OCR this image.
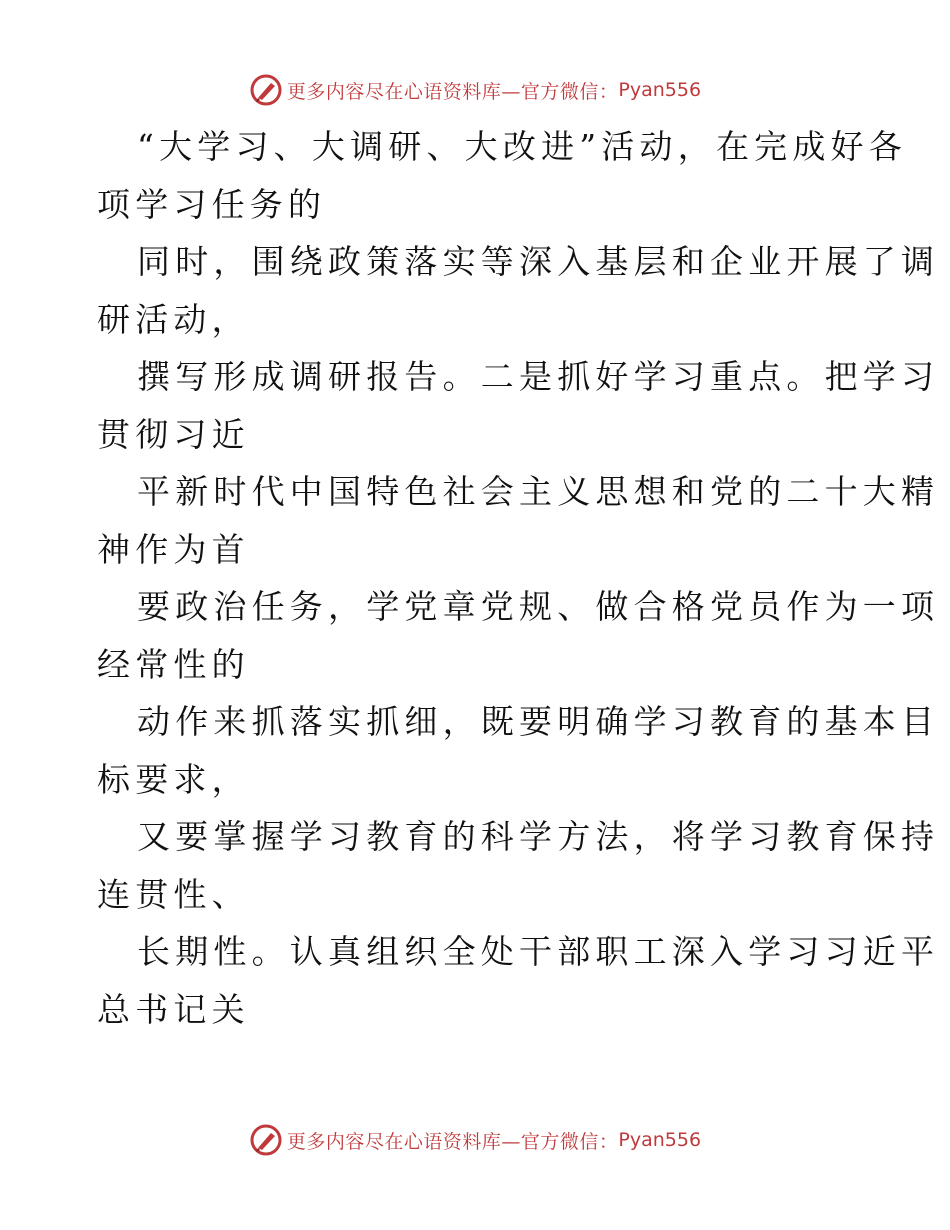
更多内容尽在心语资料库—官方微信： Pyan556
“大学习、大调研、大改进”活动，在完成好各
项学习任务的
同时，围绕政策落实等深入基层和企业开展了调
研活动，
撰写形成调研报告。二是抓好学习重点。把学习
贯彻习近
平新时代中国特色社会主义思想和党的二十大精
神作为首
要政治任务，学党章党规、做合格党员作为一项
经常性的
动作来抓落实抓细，既要明确学习教育的基本目
标要求，
又要掌握学习教育的科学方法，将学习教育保持
连贯性、
长期性。认真组织全处干部职工深入学习习近平
总书记关
更多内容尽在心语资料库—官方微信： Pyan556
